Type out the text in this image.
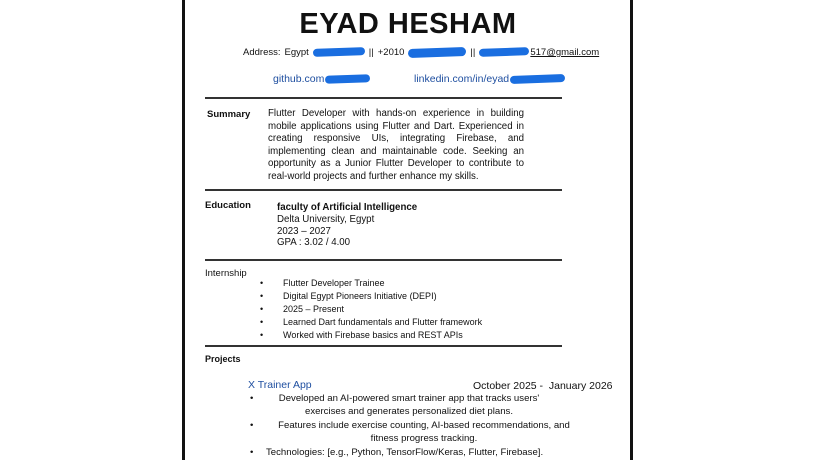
EYAD HESHAM
Address: Egypt	|| +2010	||	517@gmail.com
github.com	linkedin.com/in/eyad
Summary Flutter Developer with hands-on experience in building mobile applications using Flutter and Dart. Experienced in creating responsive UIs, integrating Firebase, and implementing clean and maintainable code. Seeking an opportunity as a Junior Flutter Developer to contribute to real-world projects and further enhance my skills.
Education	faculty of Artificial Intelligence
Delta University, Egypt
2023 – 2027
GPA : 3.02 / 4.00
Internship
• Flutter Developer Trainee
• Digital Egypt Pioneers Initiative (DEPI)
• 2025 – Present
• Learned Dart fundamentals and Flutter framework
• Worked with Firebase basics and REST APIs
Projects
X Trainer App	October 2025 -  January 2026
• Developed an AI-powered smart trainer app that tracks users' exercises and generates personalized diet plans.
• Features include exercise counting, AI-based recommendations, and fitness progress tracking.
• Technologies: [e.g., Python, TensorFlow/Keras, Flutter, Firebase].
